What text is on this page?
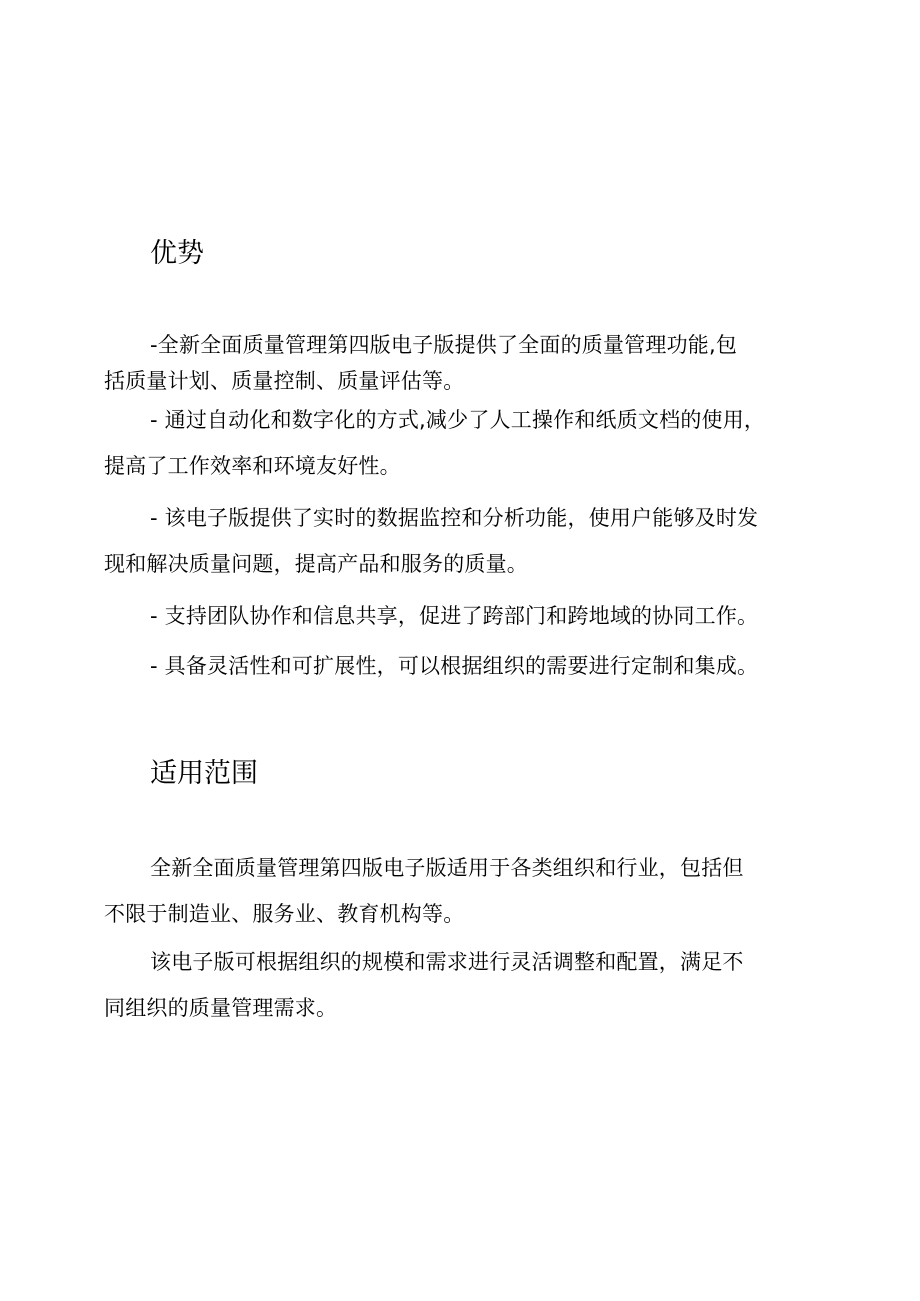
优势

-全新全面质量管理第四版电子版提供了全面的质量管理功能,包
括质量计划、质量控制、质量评估等。

- 通过自动化和数字化的方式,减少了人工操作和纸质文档的使用，
提高了工作效率和环境友好性。

- 该电子版提供了实时的数据监控和分析功能，使用户能够及时发
现和解决质量问题，提高产品和服务的质量。

- 支持团队协作和信息共享，促进了跨部门和跨地域的协同工作。

- 具备灵活性和可扩展性，可以根据组织的需要进行定制和集成。

适用范围

全新全面质量管理第四版电子版适用于各类组织和行业，包括但
不限于制造业、服务业、教育机构等。

该电子版可根据组织的规模和需求进行灵活调整和配置，满足不
同组织的质量管理需求。
